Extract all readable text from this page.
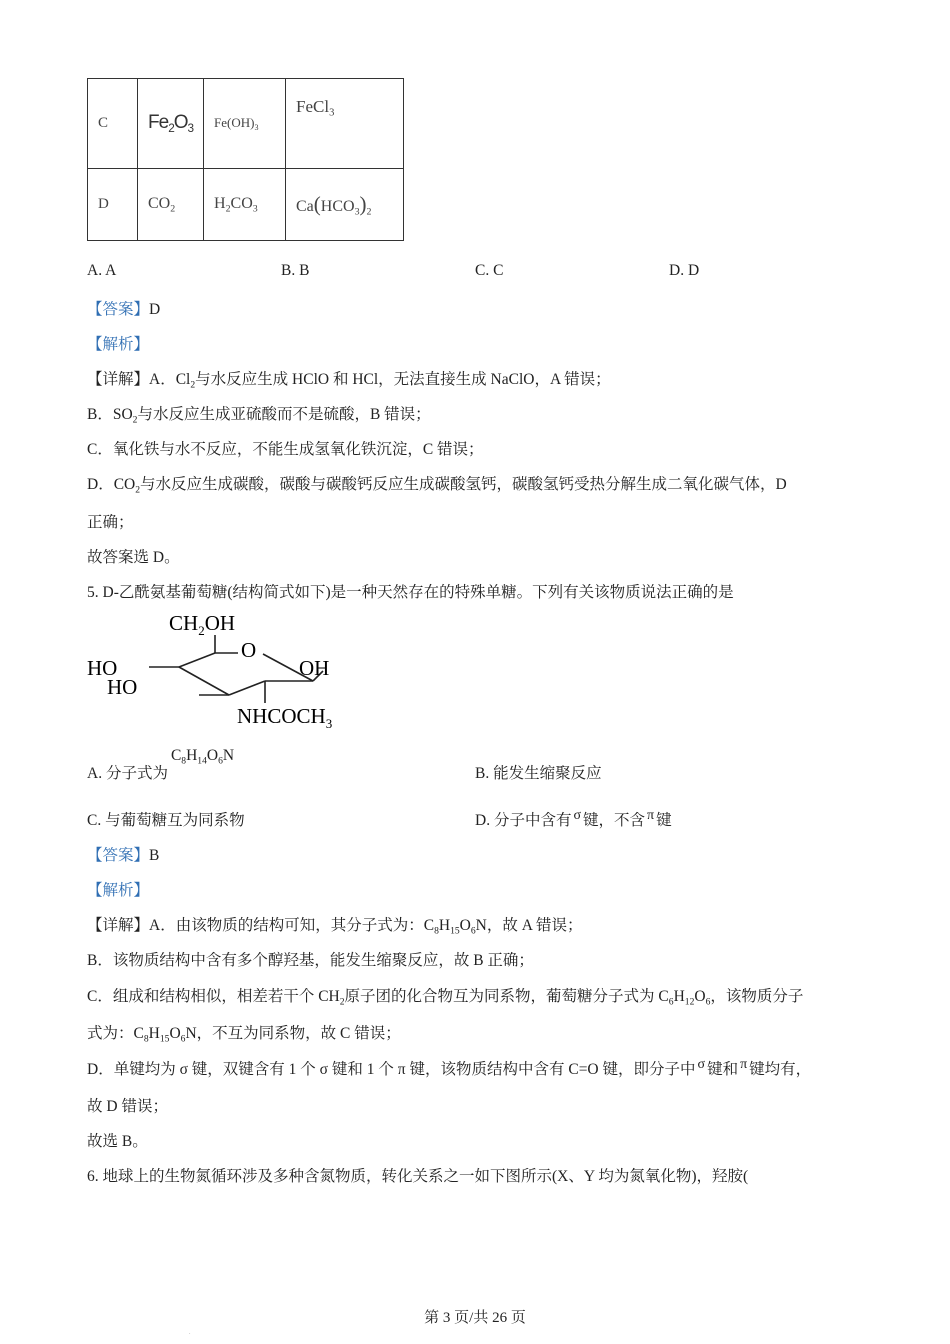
C	$Fe_2O_3$	$Fe(OH)_3$	FeCl$_3$
D	$CO_2$	$H_2CO_3$	$Ca(HCO_3)_2$
A. A	B. B	C. C	D. D
【答案】D
【解析】
【详解】A．$Cl_2$与水反应生成 HClO 和 HCl，无法直接生成 NaClO，A 错误；
B．$SO_2$与水反应生成亚硫酸而不是硫酸，B 错误；
C．氧化铁与水不反应，不能生成氢氧化铁沉淀，C 错误；
D．$CO_2$与水反应生成碳酸，碳酸与碳酸钙反应生成碳酸氢钙，碳酸氢钙受热分解生成二氧化碳气体，D
正确；
故答案选 D。
5. D-乙酰氨基葡萄糖(结构简式如下)是一种天然存在的特殊单糖。下列有关该物质说法正确的是
$CH_2OH$
O
OH
HO
HO
$NHCOCH_3$
A. 分子式为$C_8H_{14}O_6N$
B. 能发生缩聚反应
C. 与葡萄糖互为同系物	D. 分子中含有 σ 键，不含 π 键
【答案】B
【解析】
【详解】A．由该物质的结构可知，其分子式为：$C_8H_{15}O_6N$，故 A 错误；
B．该物质结构中含有多个醇羟基，能发生缩聚反应，故 B 正确；
C．组成和结构相似，相差若干个 $CH_2$原子团的化合物互为同系物，葡萄糖分子式为 $C_6H_{12}O_6$，该物质分子
式为：$C_8H_{15}O_6N$，不互为同系物，故 C 错误；
D．单键均为 σ 键，双键含有 1 个 σ 键和 1 个 π 键，该物质结构中含有 C=O 键，即分子中 σ 键和 π 键均有，
故 D 错误；
故选 B。
6. 地球上的生物氮循环涉及多种含氮物质，转化关系之一如下图所示(X、Y 均为氮氧化物)，羟胺(
.
第 3 页/共 26 页
